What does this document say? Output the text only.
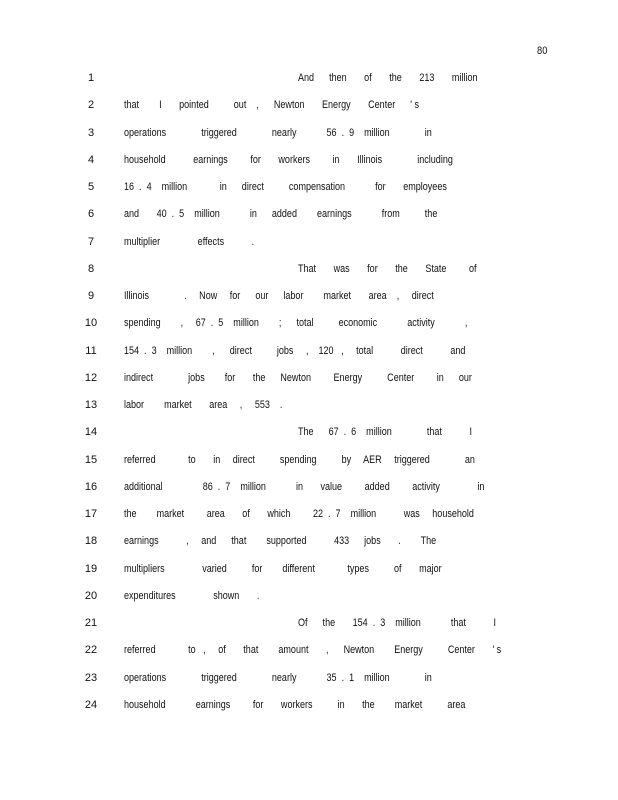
80
1	And      then       of       the       213       million
2	that        I       pointed          out    ,      Newton       Energy       Center      ' s
3	operations              triggered              nearly            56  .  9    million              in
4	household           earnings         for       workers         in       Illinois              including
5	16  .  4    million             in      direct          compensation            for       employees
6	and       40  .  5    million            in      added        earnings            from          the
7	multiplier               effects           .
8	That       was       for       the       State         of
9	Illinois              .     Now     for      our      labor        market       area    ,     direct
10	spending        ,     67  .  5    million        ;      total          economic            activity            ,
11	154  .  3    million        ,      direct          jobs     ,    120   ,     total           direct           and
12	indirect              jobs        for       the      Newton         Energy          Center         in      our
13	labor        market       area     ,     553    .
14	The      67  .  6    million              that           I
15	referred             to       in     direct          spending          by     AER     triggered              an
16	additional                86  .  7    million            in       value         added         activity               in
17	the        market         area       of       which         22  .  7    million           was     household
18	earnings           ,     and      that        supported           433      jobs       .        The
19	multipliers               varied          for        different             types          of       major
20	expenditures               shown       .
21	Of      the       154  .  3    million            that           I
22	referred             to   ,     of       that        amount       ,      Newton        Energy          Center       ' s
23	operations              triggered              nearly            35  .  1    million              in
24	household            earnings         for       workers          in       the        market          area
